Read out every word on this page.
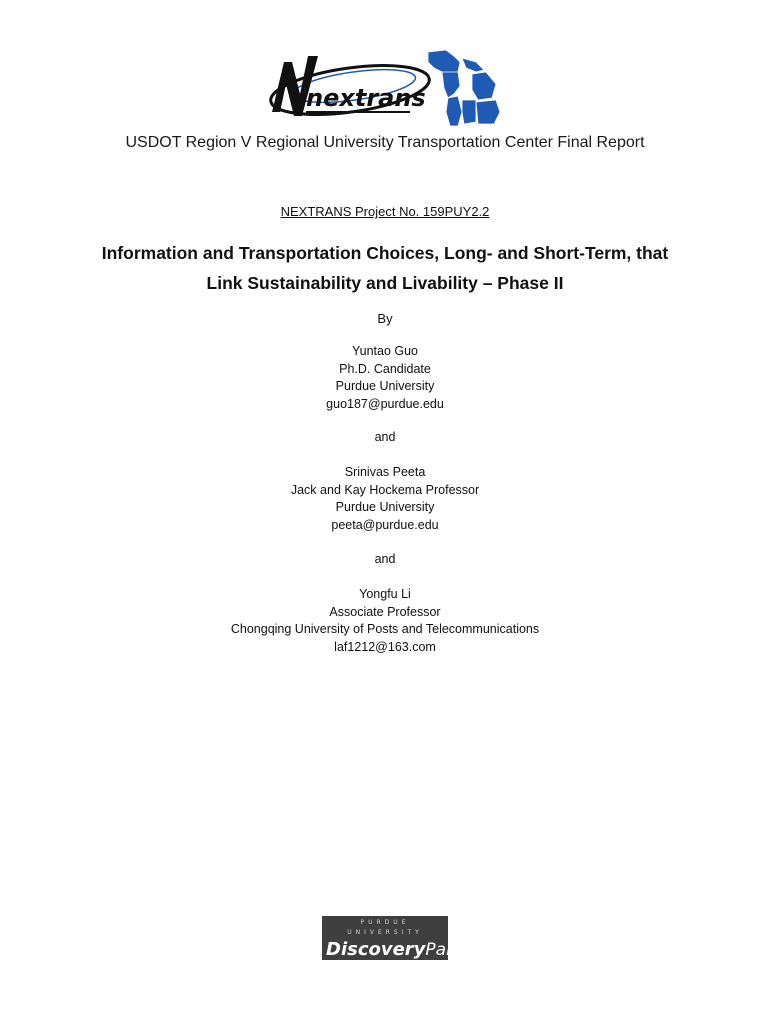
nextrans
USDOT Region V Regional University Transportation Center Final Report
NEXTRANS Project No. 159PUY2.2
Information and Transportation Choices, Long- and Short-Term, that
Link Sustainability and Livability – Phase II
By
Yuntao Guo
Ph.D. Candidate
Purdue University
guo187@purdue.edu
and
Srinivas Peeta
Jack and Kay Hockema Professor
Purdue University
peeta@purdue.edu
and
Yongfu Li
Associate Professor
Chongqing University of Posts and Telecommunications
laf1212@163.com
PURDUE UNIVERSITY
DiscoveryPark
